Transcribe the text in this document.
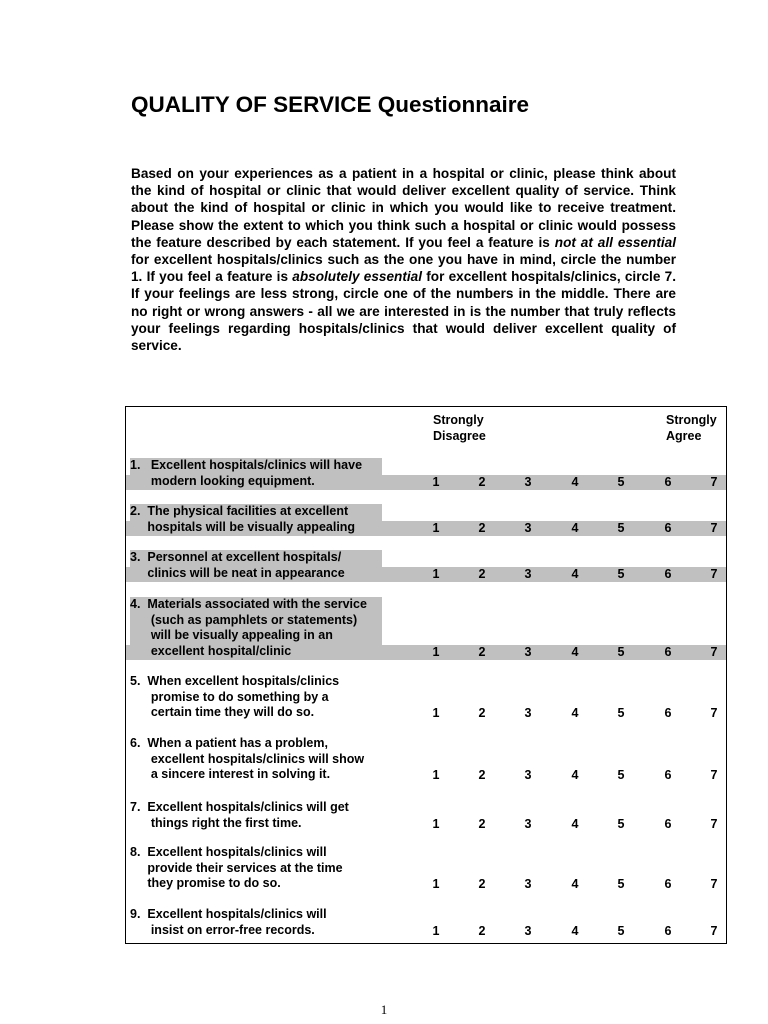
QUALITY OF SERVICE Questionnaire

Based on your experiences as a patient in a hospital or clinic, please think about the kind of hospital or clinic that would deliver excellent quality of service. Think about the kind of hospital or clinic in which you would like to receive treatment. Please show the extent to which you think such a hospital or clinic would possess the feature described by each statement. If you feel a feature is not at all essential for excellent hospitals/clinics such as the one you have in mind, circle the number 1. If you feel a feature is absolutely essential for excellent hospitals/clinics, circle 7. If your feelings are less strong, circle one of the numbers in the middle. There are no right or wrong answers - all we are interested in is the number that truly reflects your feelings regarding hospitals/clinics that would deliver excellent quality of service.

Strongly
Disagree
Strongly
Agree
1.   Excellent hospitals/clinics will have
modern looking equipment.	1	2	3	4	5	6	7
2.  The physical facilities at excellent
hospitals will be visually appealing	1	2	3	4	5	6	7
3.  Personnel at excellent hospitals/
clinics will be neat in appearance	1	2	3	4	5	6	7
4.  Materials associated with the service
(such as pamphlets or statements)
will be visually appealing in an
excellent hospital/clinic	1	2	3	4	5	6	7
5.  When excellent hospitals/clinics
promise to do something by a
certain time they will do so.	1	2	3	4	5	6	7
6.  When a patient has a problem,
excellent hospitals/clinics will show
a sincere interest in solving it.	1	2	3	4	5	6	7
7.  Excellent hospitals/clinics will get
things right the first time.	1	2	3	4	5	6	7
8.  Excellent hospitals/clinics will
provide their services at the time
they promise to do so.	1	2	3	4	5	6	7
9.  Excellent hospitals/clinics will
insist on error-free records.	1	2	3	4	5	6	7
1
